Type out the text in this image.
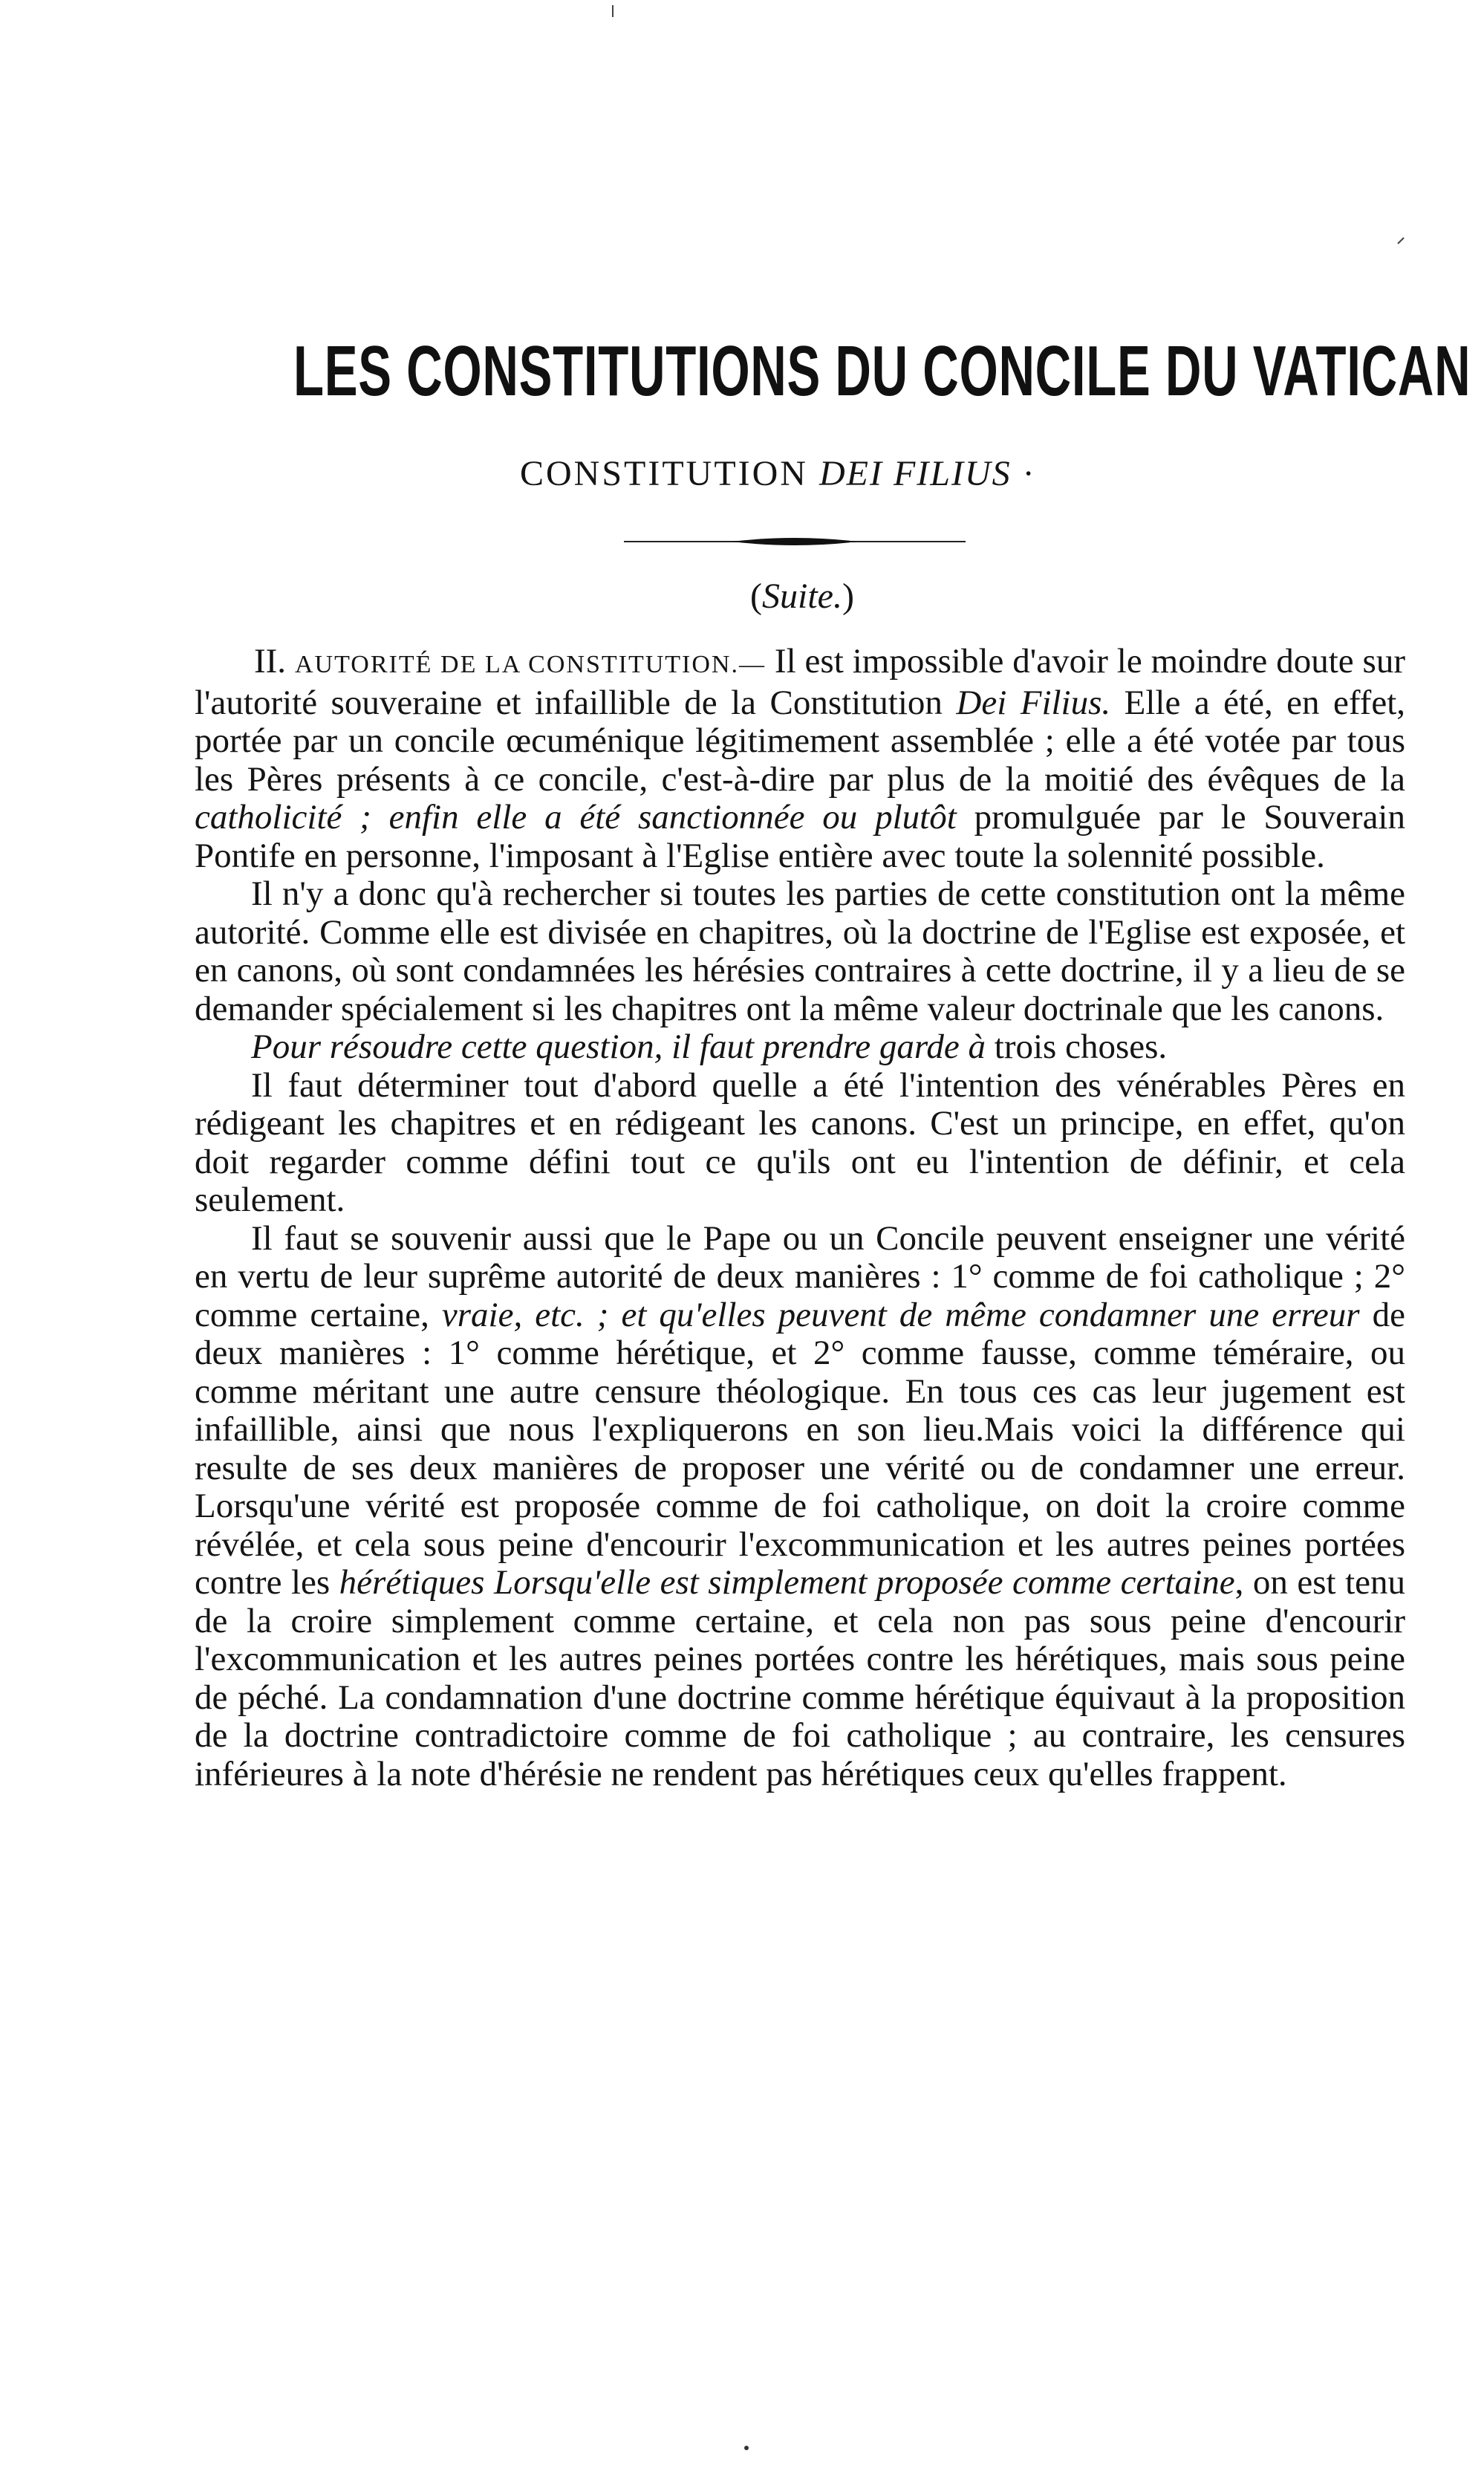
LES CONSTITUTIONS DU CONCILE DU VATICAN
CONSTITUTION DEI FILIUS ·
(Suite.)

II. AUTORITÉ DE LA CONSTITUTION.— Il est impossible d'avoir le moindre doute sur l'autorité souveraine et infaillible de la Constitution Dei Filius. Elle a été, en effet, portée par un concile œcuménique légitimement assemblée ; elle a été votée par tous les Pères présents à ce concile, c'est-à-dire par plus de la moitié des évêques de la catholicité ; enfin elle a été sanctionnée ou plutôt promulguée par le Souverain Pontife en personne, l'imposant à l'Eglise entière avec toute la solennité possible.

Il n'y a donc qu'à rechercher si toutes les parties de cette constitution ont la même autorité. Comme elle est divisée en chapitres, où la doctrine de l'Eglise est exposée, et en canons, où sont condamnées les hérésies contraires à cette doctrine, il y a lieu de se demander spécialement si les chapitres ont la même valeur doctrinale que les canons.

Pour résoudre cette question, il faut prendre garde à trois choses.

Il faut déterminer tout d'abord quelle a été l'intention des vénérables Pères en rédigeant les chapitres et en rédigeant les canons. C'est un principe, en effet, qu'on doit regarder comme défini tout ce qu'ils ont eu l'intention de définir, et cela seulement.

Il faut se souvenir aussi que le Pape ou un Concile peuvent enseigner une vérité en vertu de leur suprême autorité de deux manières : 1° comme de foi catholique ; 2° comme certaine, vraie, etc. ; et qu'elles peuvent de même condamner une erreur de deux manières : 1° comme hérétique, et 2° comme fausse, comme téméraire, ou comme méritant une autre censure théologique. En tous ces cas leur jugement est infaillible, ainsi que nous l'expliquerons en son lieu.Mais voici la différence qui resulte de ses deux manières de proposer une vérité ou de condamner une erreur. Lorsqu'une vérité est proposée comme de foi catholique, on doit la croire comme révélée, et cela sous peine d'encourir l'excommunication et les autres peines portées contre les hérétiques Lorsqu'elle est simplement proposée comme certaine, on est tenu de la croire simplement comme certaine, et cela non pas sous peine d'encourir l'excommunication et les autres peines portées contre les hérétiques, mais sous peine de péché. La condamnation d'une doctrine comme hérétique équivaut à la proposition de la doctrine contradictoire comme de foi catholique ; au contraire, les censures inférieures à la note d'hérésie ne rendent pas hérétiques ceux qu'elles frappent.
